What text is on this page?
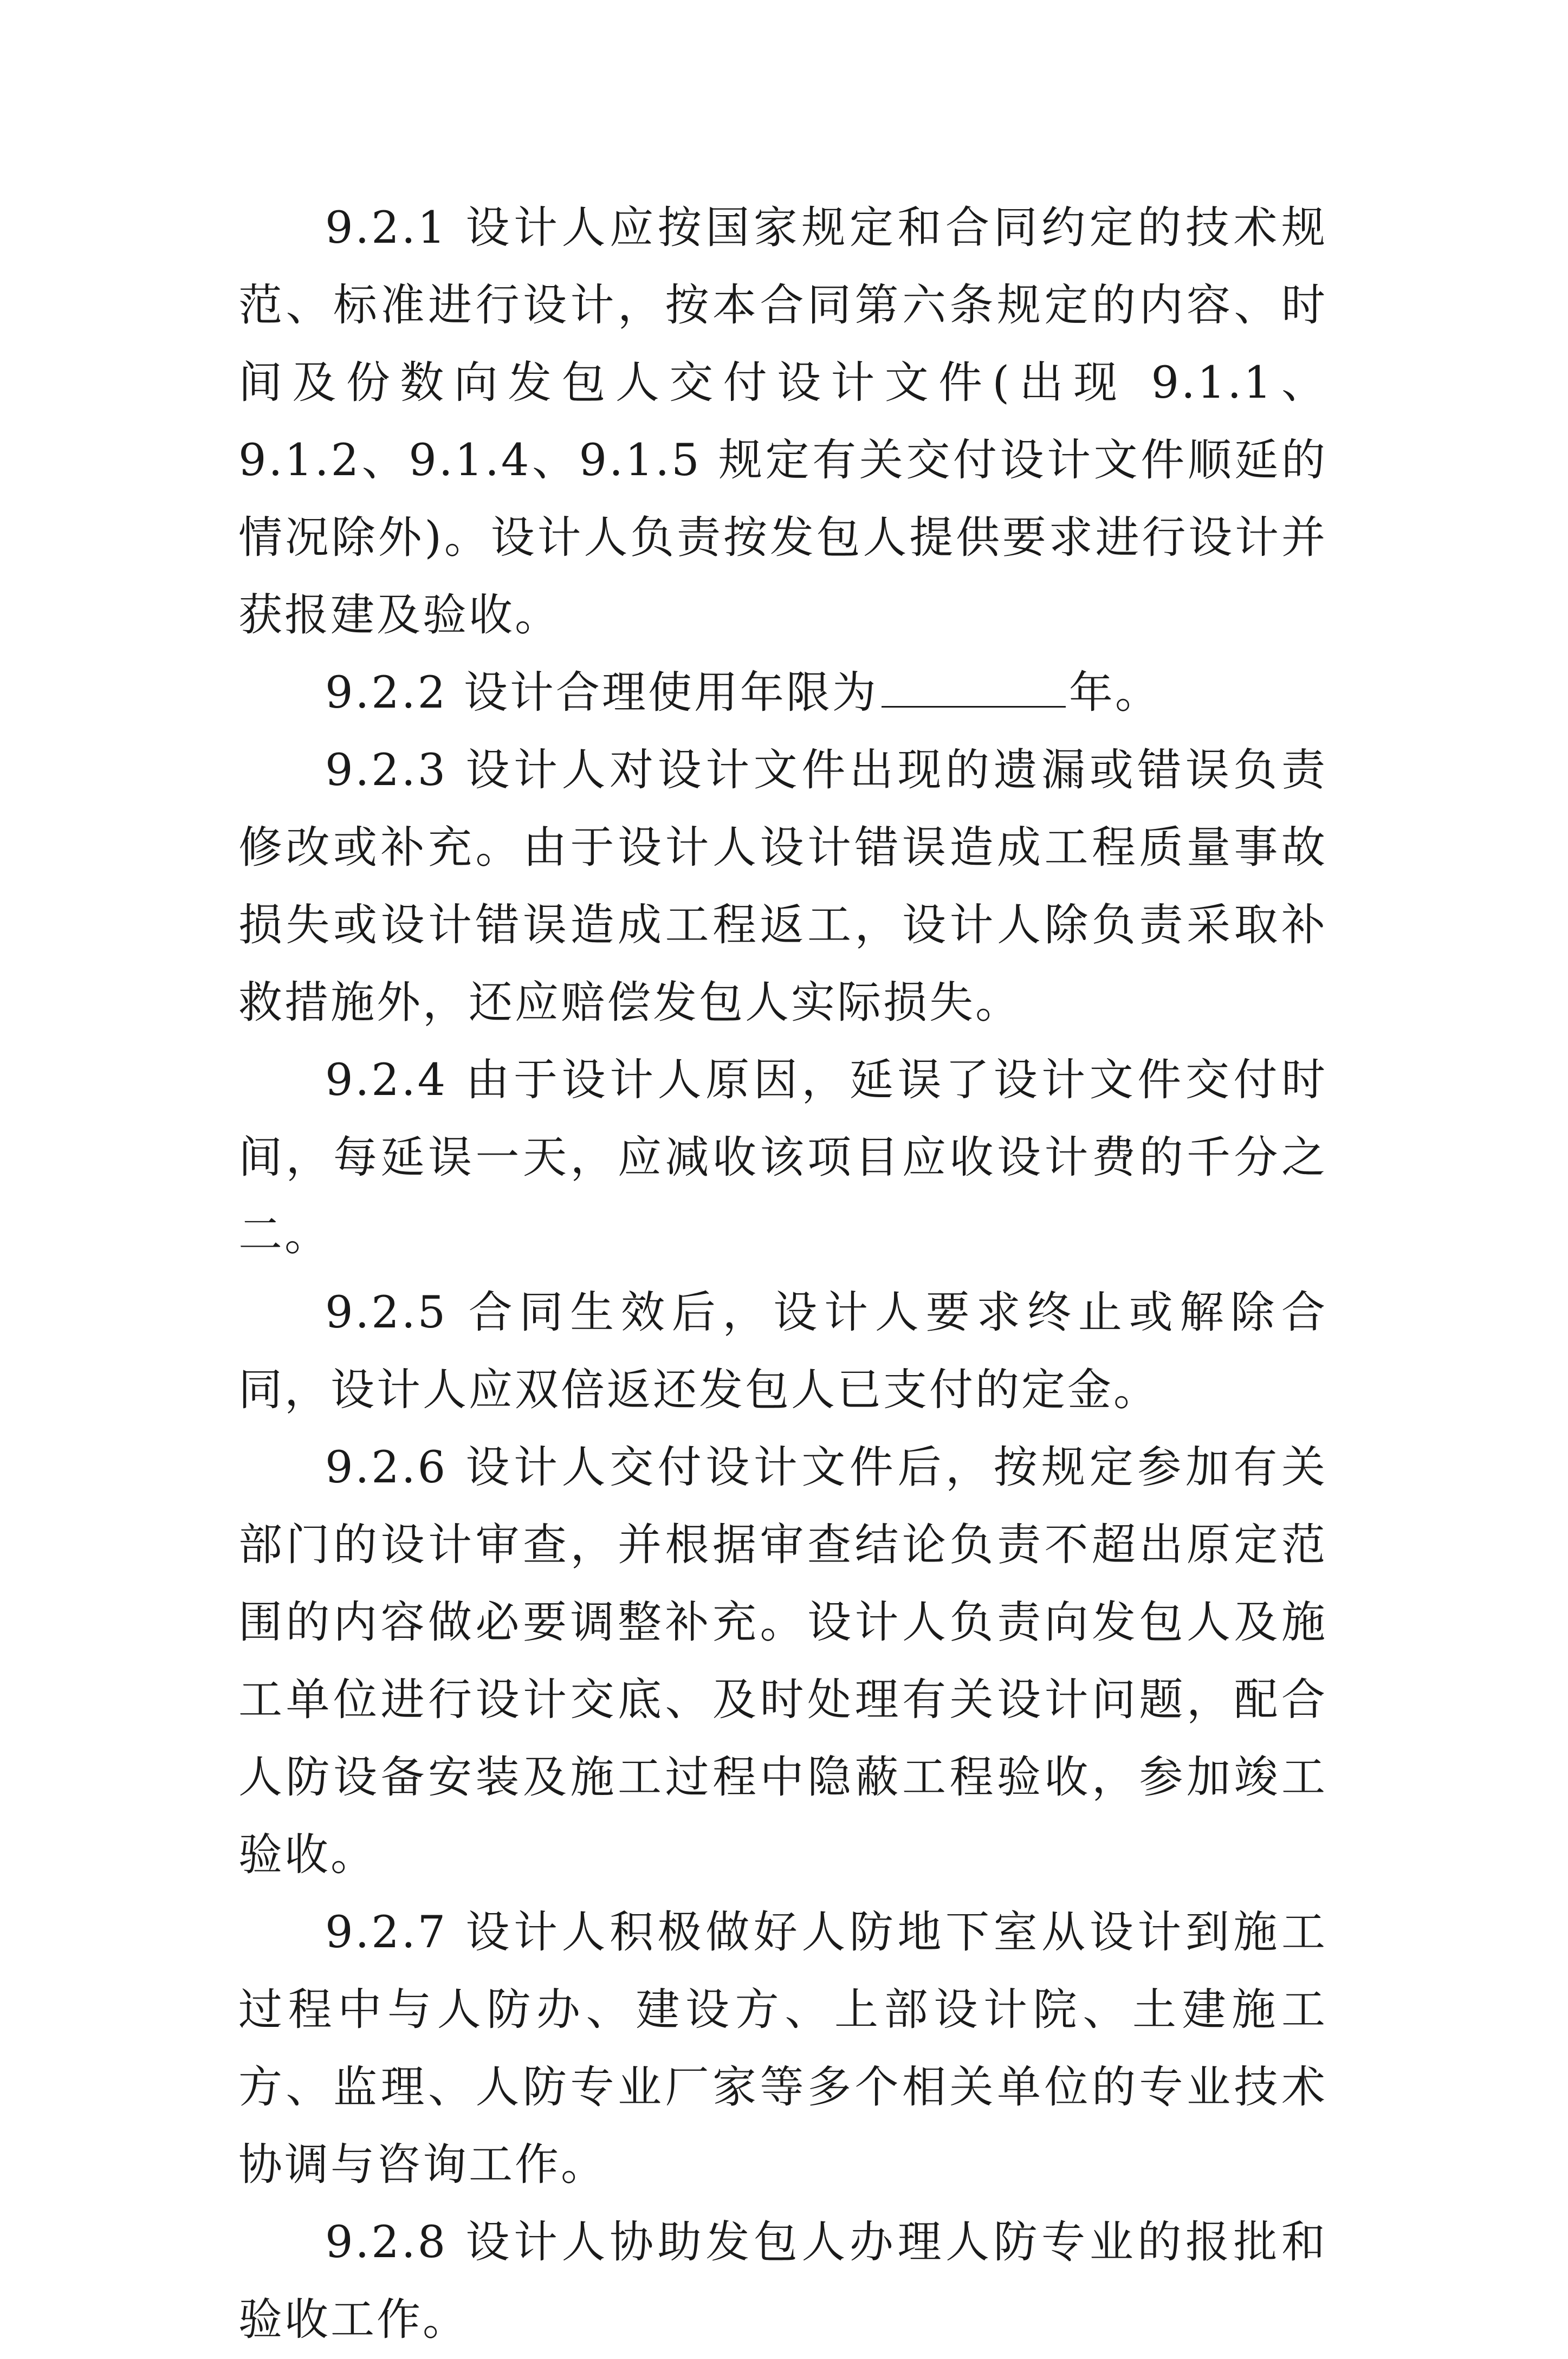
9.2.1 设计人应按国家规定和合同约定的技术规范、标准进行设计，按本合同第六条规定的内容、时间及份数向发包人交付设计文件(出现 9.1.1、9.1.2、9.1.4、9.1.5 规定有关交付设计文件顺延的情况除外)。设计人负责按发包人提供要求进行设计并获报建及验收。

9.2.2 设计合理使用年限为	年。

9.2.3 设计人对设计文件出现的遗漏或错误负责修改或补充。由于设计人设计错误造成工程质量事故损失或设计错误造成工程返工，设计人除负责采取补救措施外，还应赔偿发包人实际损失。

9.2.4 由于设计人原因，延误了设计文件交付时间，每延误一天，应减收该项目应收设计费的千分之二。

9.2.5 合同生效后，设计人要求终止或解除合同，设计人应双倍返还发包人已支付的定金。

9.2.6 设计人交付设计文件后，按规定参加有关部门的设计审查，并根据审查结论负责不超出原定范围的内容做必要调整补充。设计人负责向发包人及施工单位进行设计交底、及时处理有关设计问题，配合人防设备安装及施工过程中隐蔽工程验收，参加竣工验收。

9.2.7 设计人积极做好人防地下室从设计到施工过程中与人防办、建设方、上部设计院、土建施工方、监理、人防专业厂家等多个相关单位的专业技术协调与咨询工作。

9.2.8 设计人协助发包人办理人防专业的报批和验收工作。
